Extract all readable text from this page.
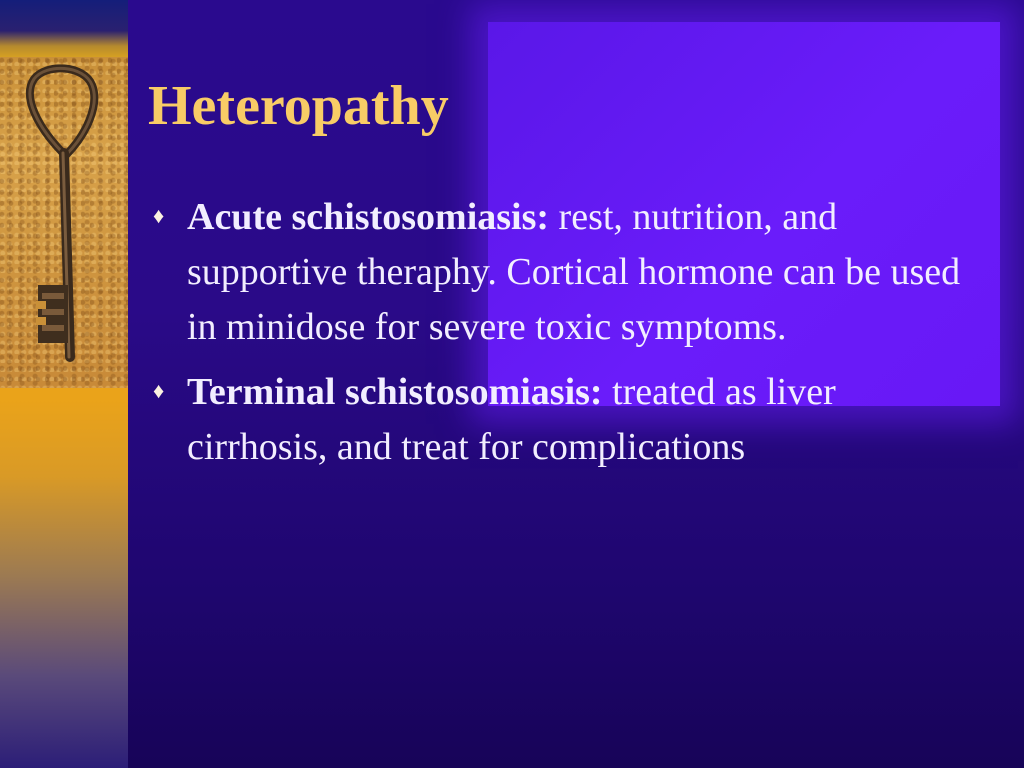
Heteropathy
♦ Acute schistosomiasis: rest, nutrition, and supportive theraphy. Cortical hormone can be used in minidose for severe toxic symptoms.
♦ Terminal schistosomiasis: treated as liver cirrhosis, and treat for complications
